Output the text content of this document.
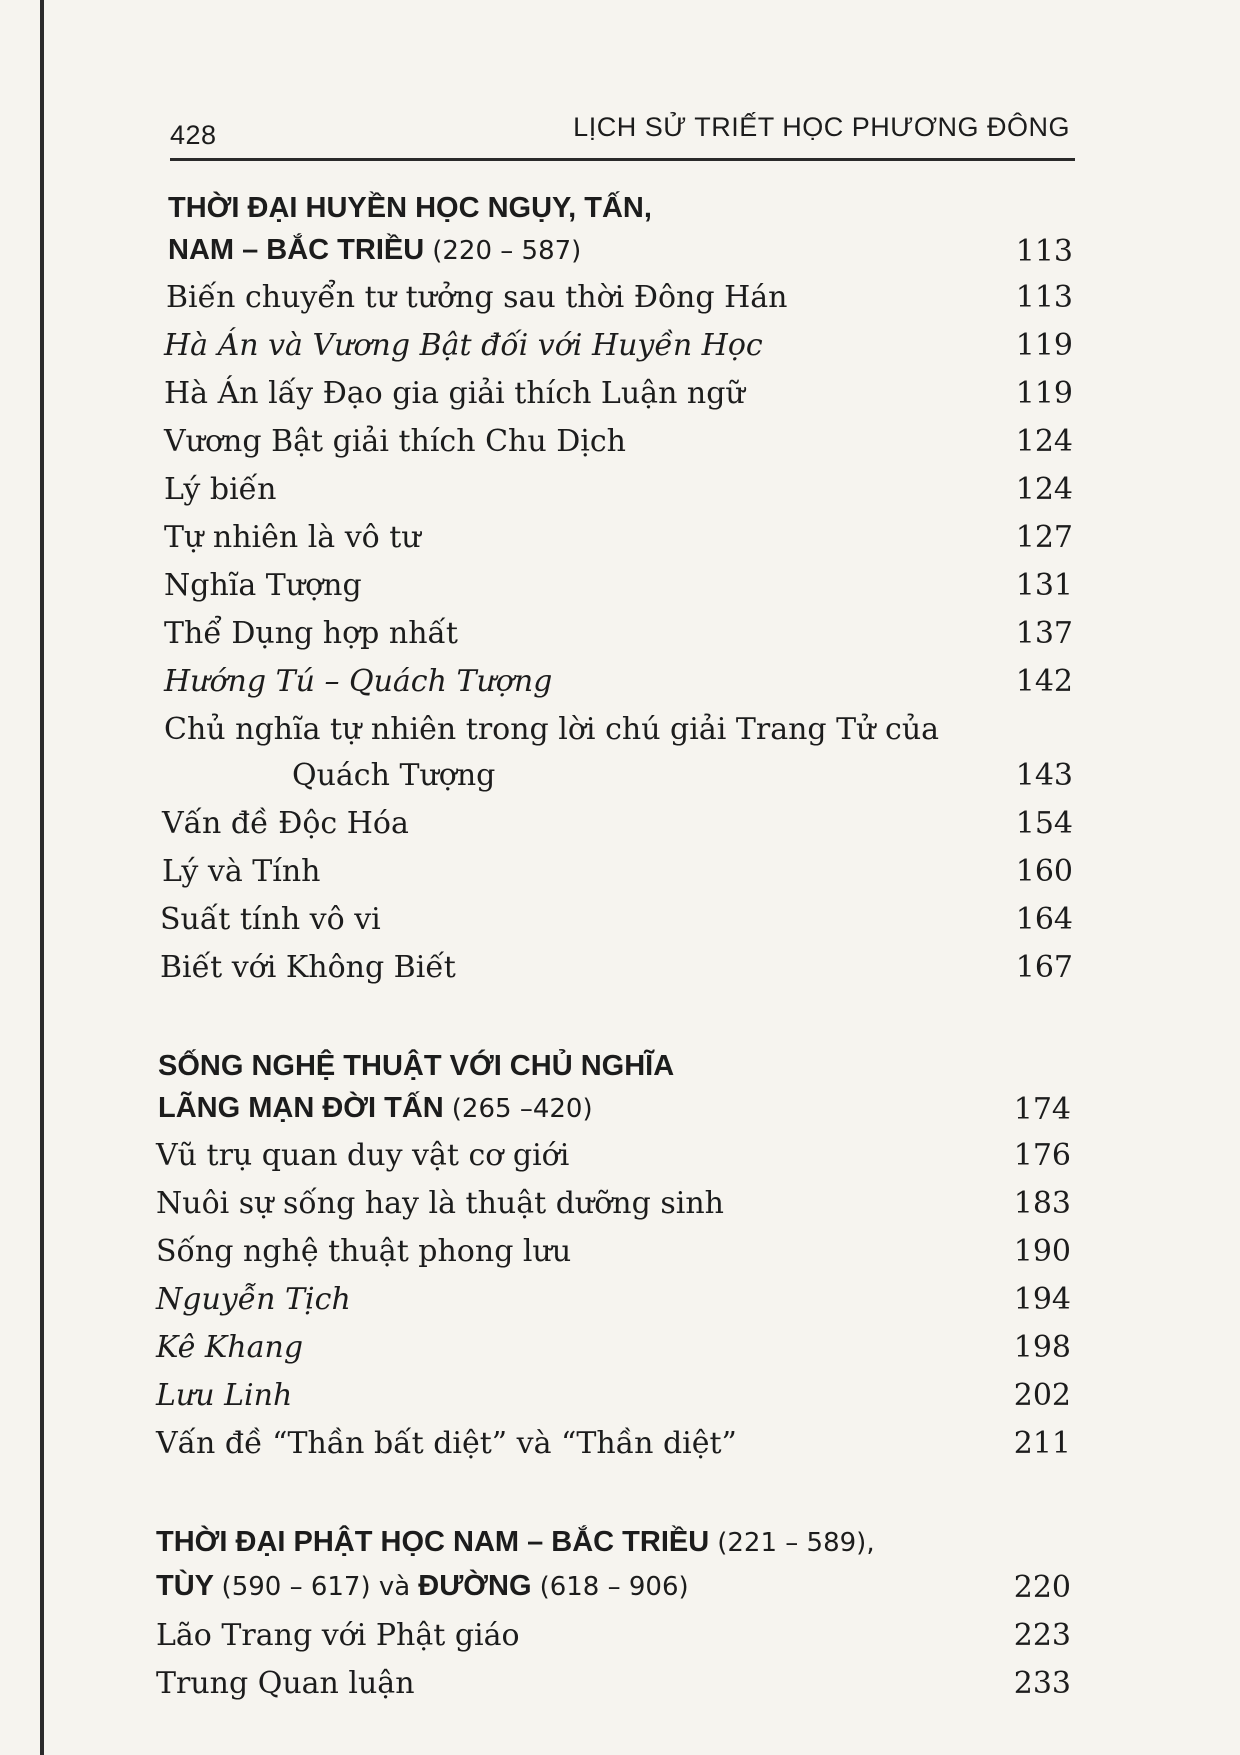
428	LỊCH SỬ TRIẾT HỌC PHƯƠNG ĐÔNG
THỜI ĐẠI HUYỀN HỌC NGỤY, TẤN,
NAM – BẮC TRIỀU (220 – 587)	113
Biến chuyển tư tưởng sau thời Đông Hán	113
Hà Án và Vương Bật đối với Huyền Học	119
Hà Án lấy Đạo gia giải thích Luận ngữ	119
Vương Bật giải thích Chu Dịch	124
Lý biến	124
Tự nhiên là vô tư	127
Nghĩa Tượng	131
Thể Dụng hợp nhất	137
Hướng Tú – Quách Tượng	142
Chủ nghĩa tự nhiên trong lời chú giải Trang Tử của
Quách Tượng	143
Vấn đề Độc Hóa	154
Lý và Tính	160
Suất tính vô vi	164
Biết với Không Biết	167
SỐNG NGHỆ THUẬT VỚI CHỦ NGHĨA
LÃNG MẠN ĐỜI TẤN (265 –420)	174
Vũ trụ quan duy vật cơ giới	176
Nuôi sự sống hay là thuật dưỡng sinh	183
Sống nghệ thuật phong lưu	190
Nguyễn Tịch	194
Kê Khang	198
Lưu Linh	202
Vấn đề “Thần bất diệt” và “Thần diệt”	211
THỜI ĐẠI PHẬT HỌC NAM – BẮC TRIỀU (221 – 589),
TÙY (590 – 617) và ĐƯỜNG (618 – 906)	220
Lão Trang với Phật giáo	223
Trung Quan luận	233
